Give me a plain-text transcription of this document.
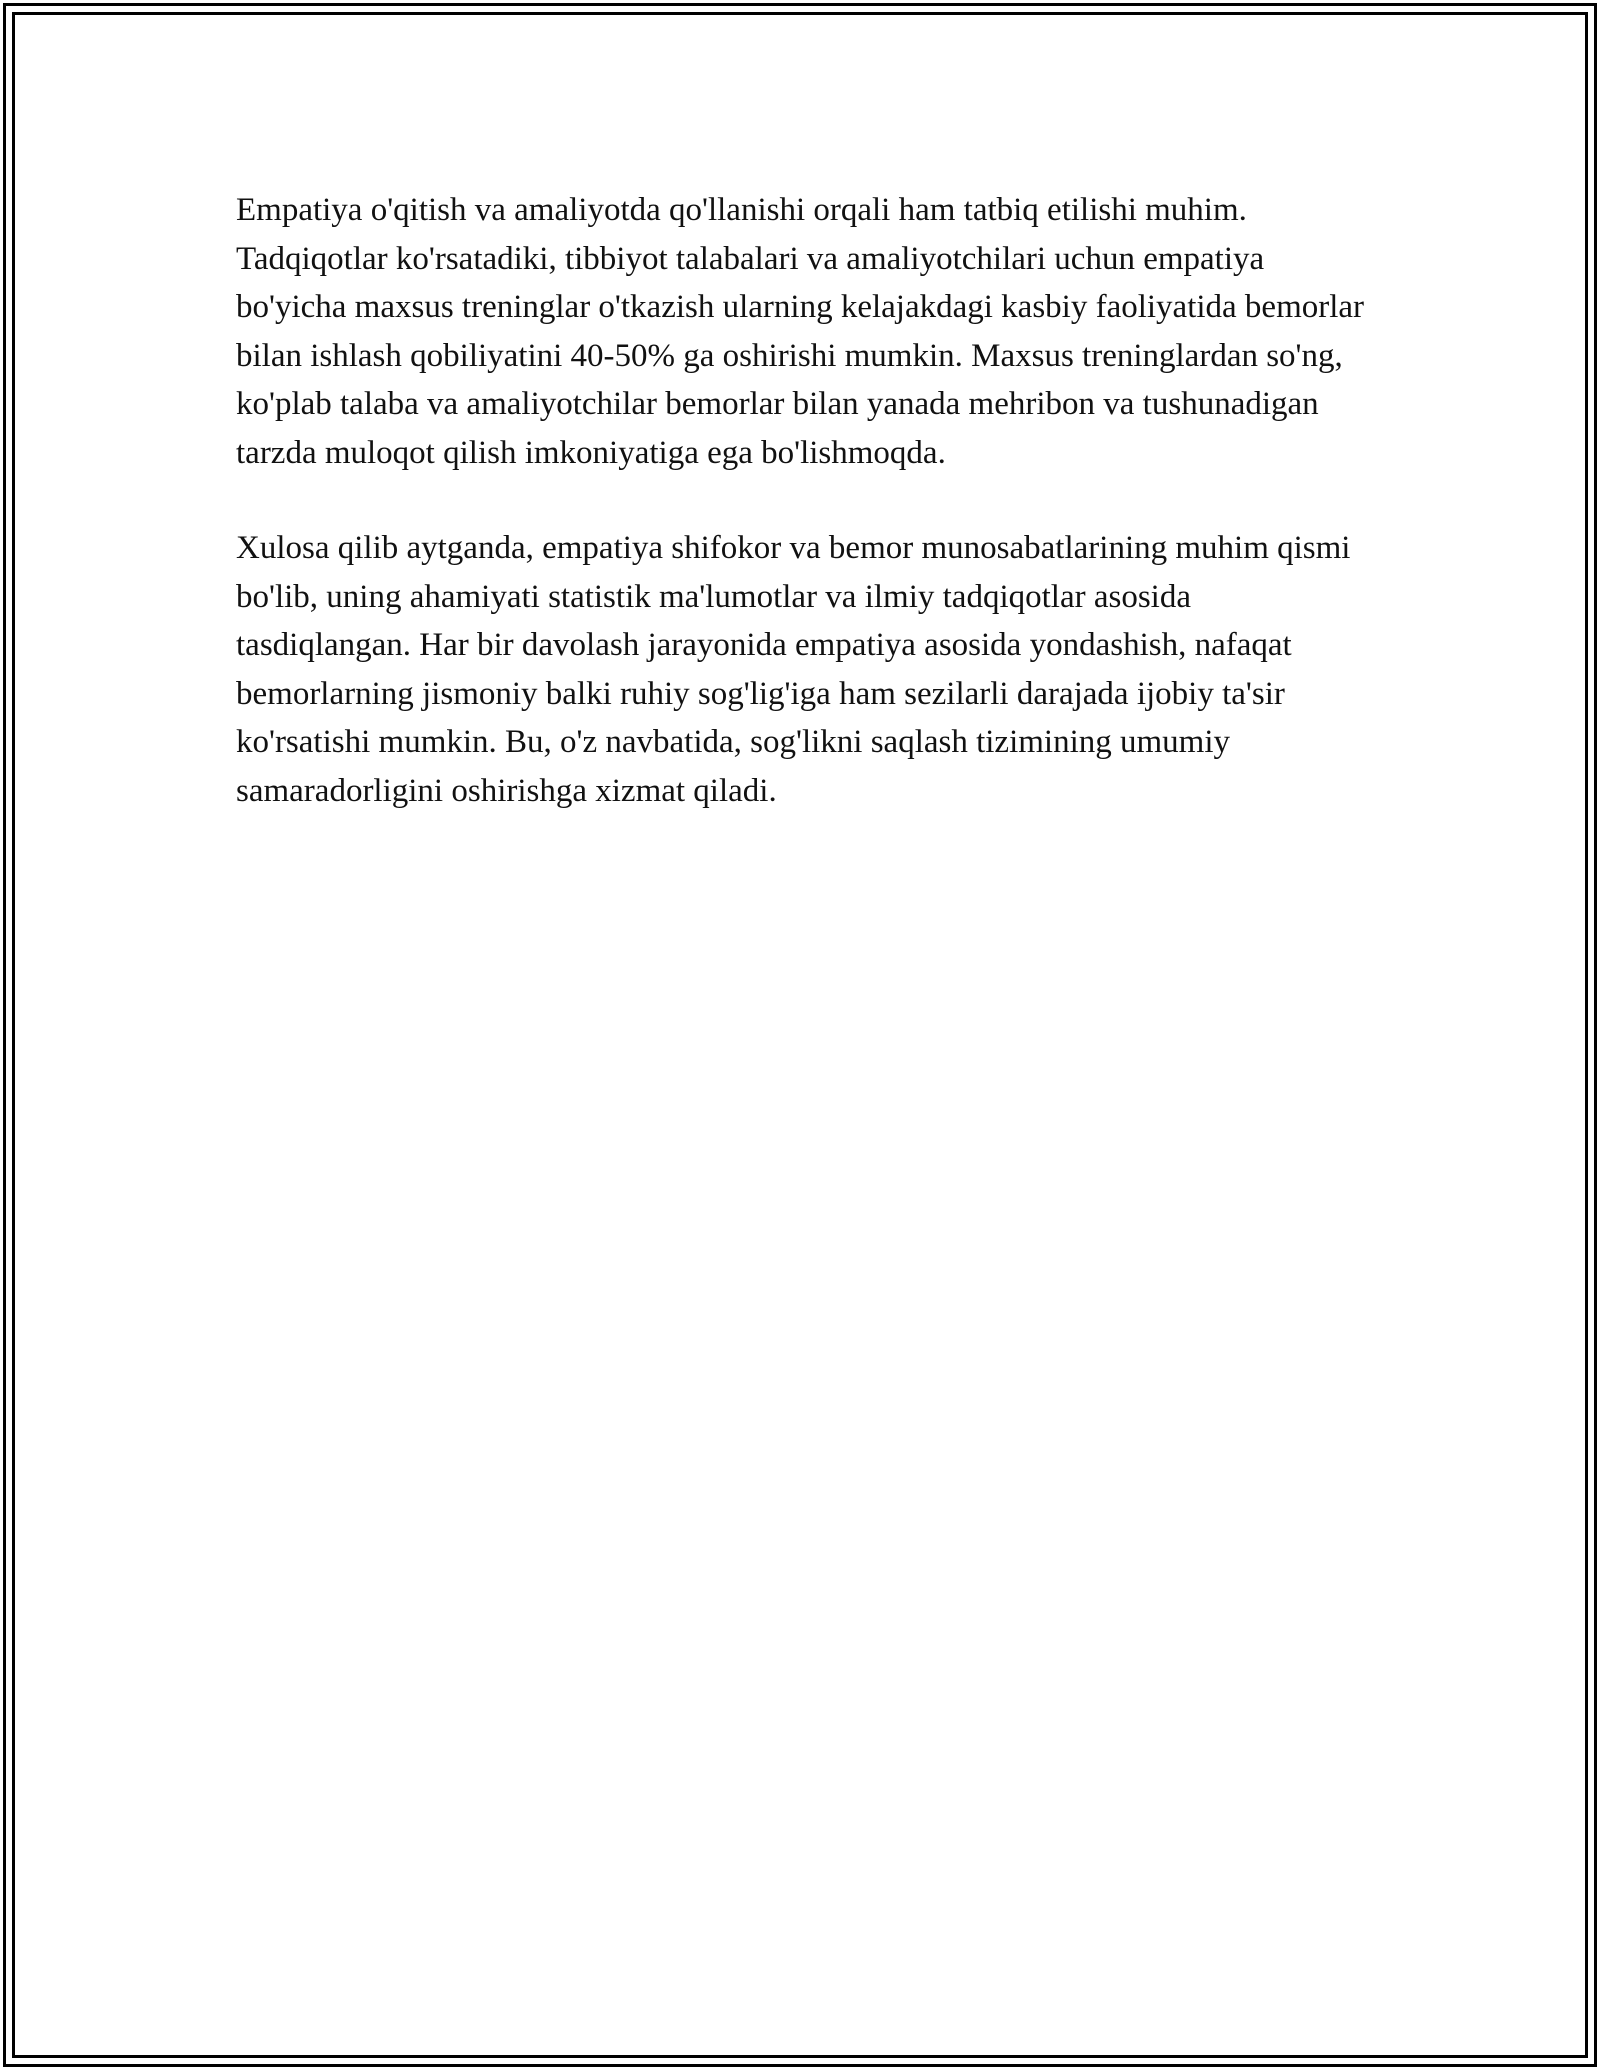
Empatiya o'qitish va amaliyotda qo'llanishi orqali ham tatbiq etilishi muhim. Tadqiqotlar ko'rsatadiki, tibbiyot talabalari va amaliyotchilari uchun empatiya bo'yicha maxsus treninglar o'tkazish ularning kelajakdagi kasbiy faoliyatida bemorlar bilan ishlash qobiliyatini 40-50% ga oshirishi mumkin. Maxsus treninglardan so'ng, ko'plab talaba va amaliyotchilar bemorlar bilan yanada mehribon va tushunadigan tarzda muloqot qilish imkoniyatiga ega bo'lishmoqda.

Xulosa qilib aytganda, empatiya shifokor va bemor munosabatlarining muhim qismi bo'lib, uning ahamiyati statistik ma'lumotlar va ilmiy tadqiqotlar asosida tasdiqlangan. Har bir davolash jarayonida empatiya asosida yondashish, nafaqat bemorlarning jismoniy balki ruhiy sog'lig'iga ham sezilarli darajada ijobiy ta'sir ko'rsatishi mumkin. Bu, o'z navbatida, sog'likni saqlash tizimining umumiy samaradorligini oshirishga xizmat qiladi.
